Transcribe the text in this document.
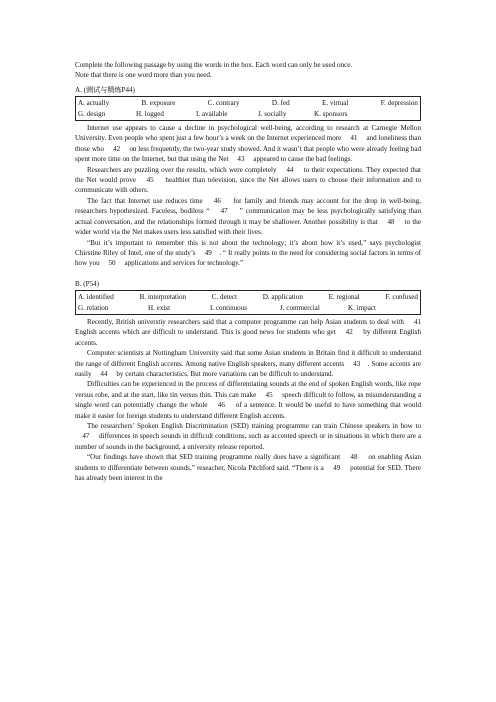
Complete the following passage by using the words in the box. Each word can only be used once.

Note that there is one word more than you need.

A. (测试与精炼P44)

A. actually	B. exposure	C. contrary	D. fed	E. virtual	F. depression
G. design	H. logged	I. available	J. socially	K. sponsors

Internet use appears to cause a decline in psychological well-being, according to research at Carnegie Mellon University. Even people who spent just a few hour’s a week on the Internet experienced more 　41　 and loneliness than those who 　42　 on less frequently, the two-year study showed. And it wasn’t that people who were already feeling bad spent more time on the Internet, but that using the Net 　43　 appeared to cause the bad feelings.

Researchers are puzzling over the results, which were completely 　44　 to their expectations. They expected that the Net would prove 　45　 healthier than television, since the Net allows users to choose their information and to communicate with others.

The fact that Internet use reduces time 　46　 for family and friends may account for the drop in well-being, researchers hypothesized. Faceless, bodiless “ 　47　 ” communication may be less psychologically satisfying than actual conversation, and the relationships formed through it may be shallower. Another possibility is that 　48　 to the wider world via the Net makes users less satisfied with their lives.

“But it’s important to remember this is not about the technology; it’s about how it’s used,” says psychologist Chirstine Riley of Intel, one of the study’s 　49　. “ It really points to the need for considering social factors in terms of how you 　50　 applications and services for technology.”

B. (P54)

A. identified	B. interpretation	C. detect	D. application	E. regional	F. confused
G. relation	H. exist	I. continuous	J. commercial	K. impact

Recently, British universtiy researchers said that a computer programme can help Asian students to deal with 　41　 English accents which are difficult to understand. This is good news for students who get 　42　 by different English accents.

Computer scientists at Nottingham University said that some Asian students in Britain find it difficult to understand the range of different English accents. Among native English speakers, many different accents 　43　. Some accents are easily 　44　 by certain characteristics. But more variations can be difficult to understand.

Difficulties can be experienced in the process of differentiating sounds at the end of spoken English words, like rope versus robe, and at the start, like tin versus thin. This can make 　45　 speech difficult to follow, as misunderstanding a single word can potentially change the whole 　46　 of a sentence. It would be useful to have something that would make it easier for foreign students to understand different English accents.

The researchers’ Spoken English Discrimination (SED) training programme can train Chinese speakers in how to 　47　 differences in speech sounds in difficult conditions, such as accented speech or in situations in which there are a number of sounds in the background, a university release reported.

“Our findings have shown that SED training programme really does have a significant 　48　 on enabling Asian students to differentiate between sounds,” reseacher, Nicola Pitchford said. “There is a 　49　 potential for SED. There has already been interest in the
